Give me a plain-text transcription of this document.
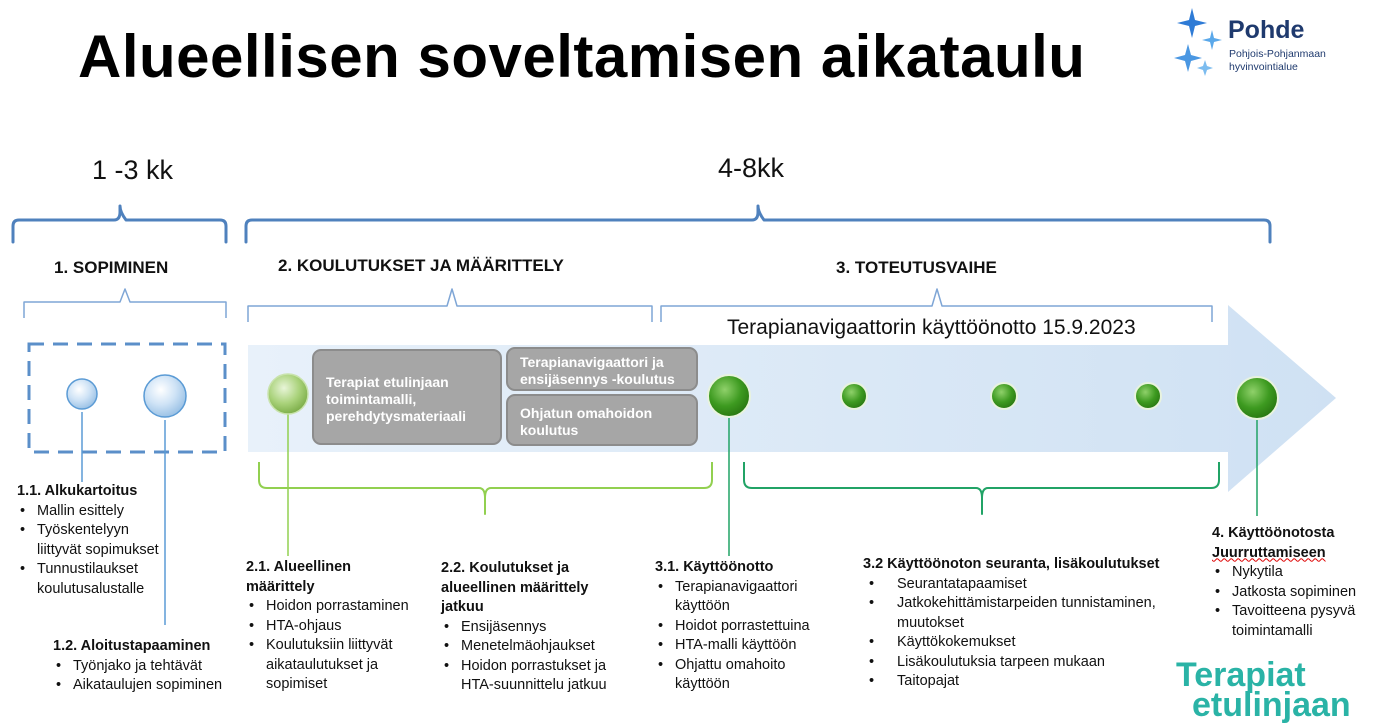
Alueellisen soveltamisen aikataulu	Pohde
Pohjois-Pohjanmaan
hyvinvointialue
1 -3 kk	4-8kk
1. SOPIMINEN	2. KOULUTUKSET JA MÄÄRITTELY	3. TOTEUTUSVAIHE
Terapianavigaattorin käyttöönotto 15.9.2023
Terapiat etulinjaan toimintamalli, perehdytysmateriaali
Terapianavigaattori ja ensijäsennys -koulutus
Ohjatun omahoidon koulutus
1.1. Alkukartoitus
• Mallin esittely
• Työskentelyyn liittyvät sopimukset
• Tunnustilaukset koulutusalustalle
1.2. Aloitustapaaminen
• Työnjako ja tehtävät
• Aikataulujen sopiminen
2.1. Alueellinen määrittely
• Hoidon porrastaminen
• HTA-ohjaus
• Koulutuksiin liittyvät aikataulutukset ja sopimiset
2.2. Koulutukset ja alueellinen määrittely jatkuu
• Ensijäsennys
• Menetelmäohjaukset
• Hoidon porrastukset ja HTA-suunnittelu jatkuu
3.1. Käyttöönotto
• Terapianavigaattori käyttöön
• Hoidot porrastettuina
• HTA-malli käyttöön
• Ohjattu omahoito käyttöön
3.2 Käyttöönoton seuranta, lisäkoulutukset
• Seurantatapaamiset
• Jatkokehittämistarpeiden tunnistaminen, muutokset
• Käyttökokemukset
• Lisäkoulutuksia tarpeen mukaan
• Taitopajat
4. Käyttöönotosta
Juurruttamiseen
• Nykytila
• Jatkosta sopiminen
• Tavoitteena pysyvä toimintamalli
Terapiat
etulinjaan
